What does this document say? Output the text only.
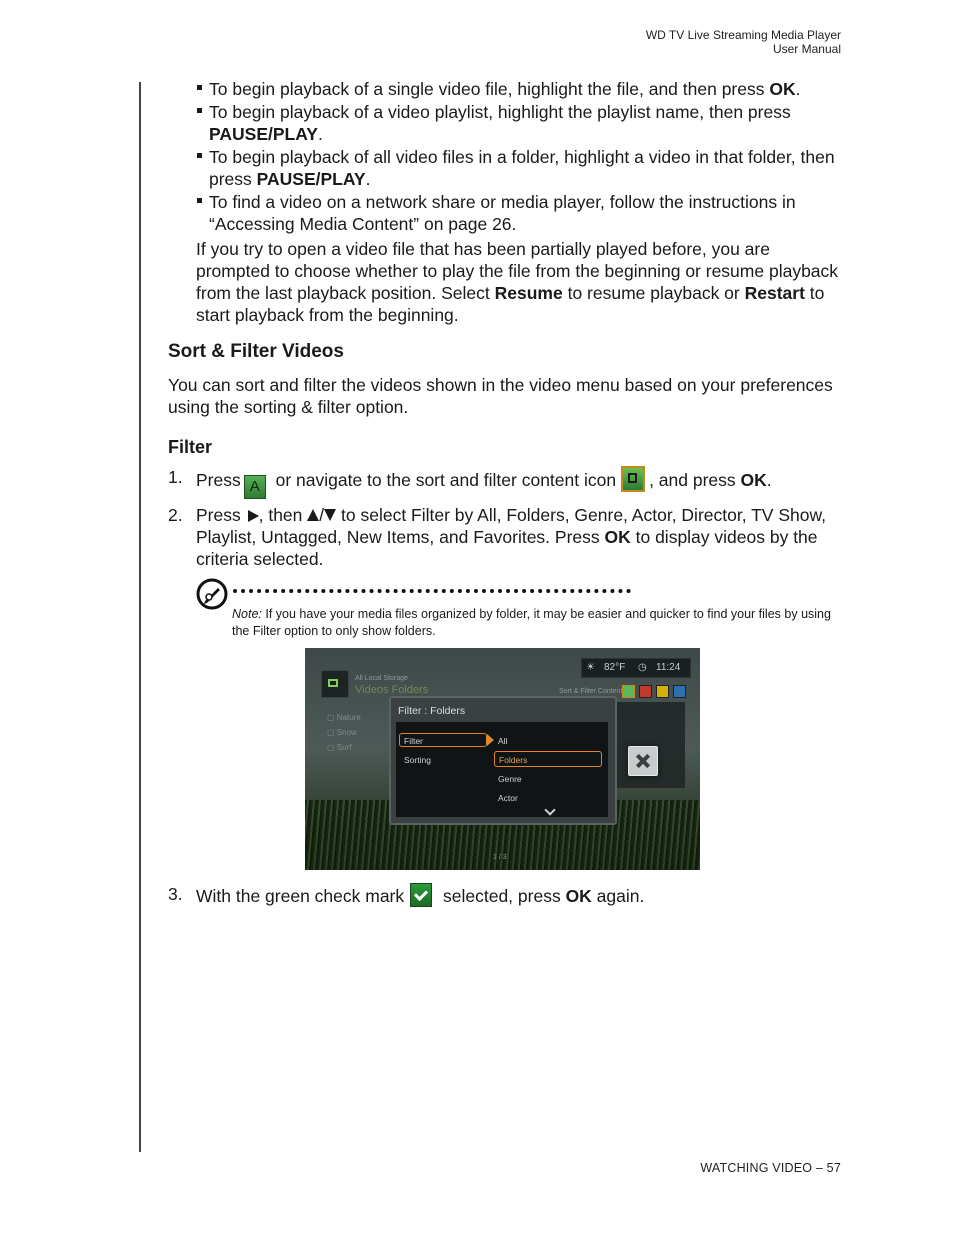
WD TV Live Streaming Media Player
User Manual
To begin playback of a single video file, highlight the file, and then press OK.
To begin playback of a video playlist, highlight the playlist name, then press PAUSE/PLAY.
To begin playback of all video files in a folder, highlight a video in that folder, then press PAUSE/PLAY.
To find a video on a network share or media player, follow the instructions in “Accessing Media Content” on page 26.

If you try to open a video file that has been partially played before, you are prompted to choose whether to play the file from the beginning or resume playback from the last playback position. Select Resume to resume playback or Restart to start playback from the beginning.

Sort & Filter Videos

You can sort and filter the videos shown in the video menu based on your preferences using the sorting & filter option.

Filter
1. Press A or navigate to the sort and filter content icon , and press OK.
2. Press , then / to select Filter by All, Folders, Genre, Actor, Director, TV Show, Playlist, Untagged, New Items, and Favorites. Press OK to display videos by the criteria selected.
Note: If you have your media files organized by folder, it may be easier and quicker to find your files by using the Filter option to only show folders.
All Local Storage
Videos Folders
▢ Nature
▢ Snow
▢ Surf
☀ 82°F ◷ 11:24
Sort & Filter Content
Filter : Folders
Filter
Sorting
All
Folders
Genre
Actor
1 / 3
3. With the green check mark selected, press OK again.
WATCHING VIDEO – 57
